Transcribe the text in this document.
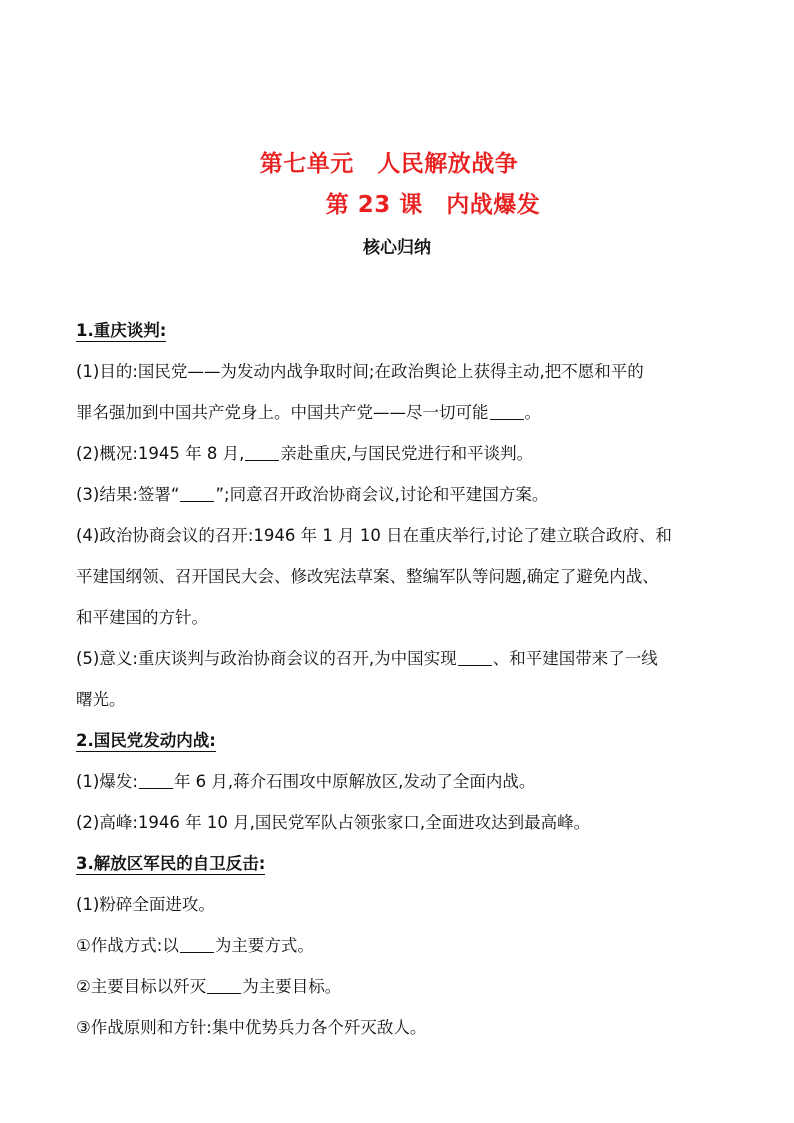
第七单元　人民解放战争
第 23 课　内战爆发
核心归纳
1.重庆谈判:
(1)目的:国民党——为发动内战争取时间;在政治舆论上获得主动,把不愿和平的
罪名强加到中国共产党身上。中国共产党——尽一切可能 。
(2)概况:1945 年 8 月, 亲赴重庆,与国民党进行和平谈判。
(3)结果:签署“ ”;同意召开政治协商会议,讨论和平建国方案。
(4)政治协商会议的召开:1946 年 1 月 10 日在重庆举行,讨论了建立联合政府、和
平建国纲领、召开国民大会、修改宪法草案、整编军队等问题,确定了避免内战、
和平建国的方针。
(5)意义:重庆谈判与政治协商会议的召开,为中国实现 、和平建国带来了一线
曙光。
2.国民党发动内战:
(1)爆发: 年 6 月,蒋介石围攻中原解放区,发动了全面内战。
(2)高峰:1946 年 10 月,国民党军队占领张家口,全面进攻达到最高峰。
3.解放区军民的自卫反击:
(1)粉碎全面进攻。
①作战方式:以 为主要方式。
②主要目标以歼灭 为主要目标。
③作战原则和方针:集中优势兵力各个歼灭敌人。
